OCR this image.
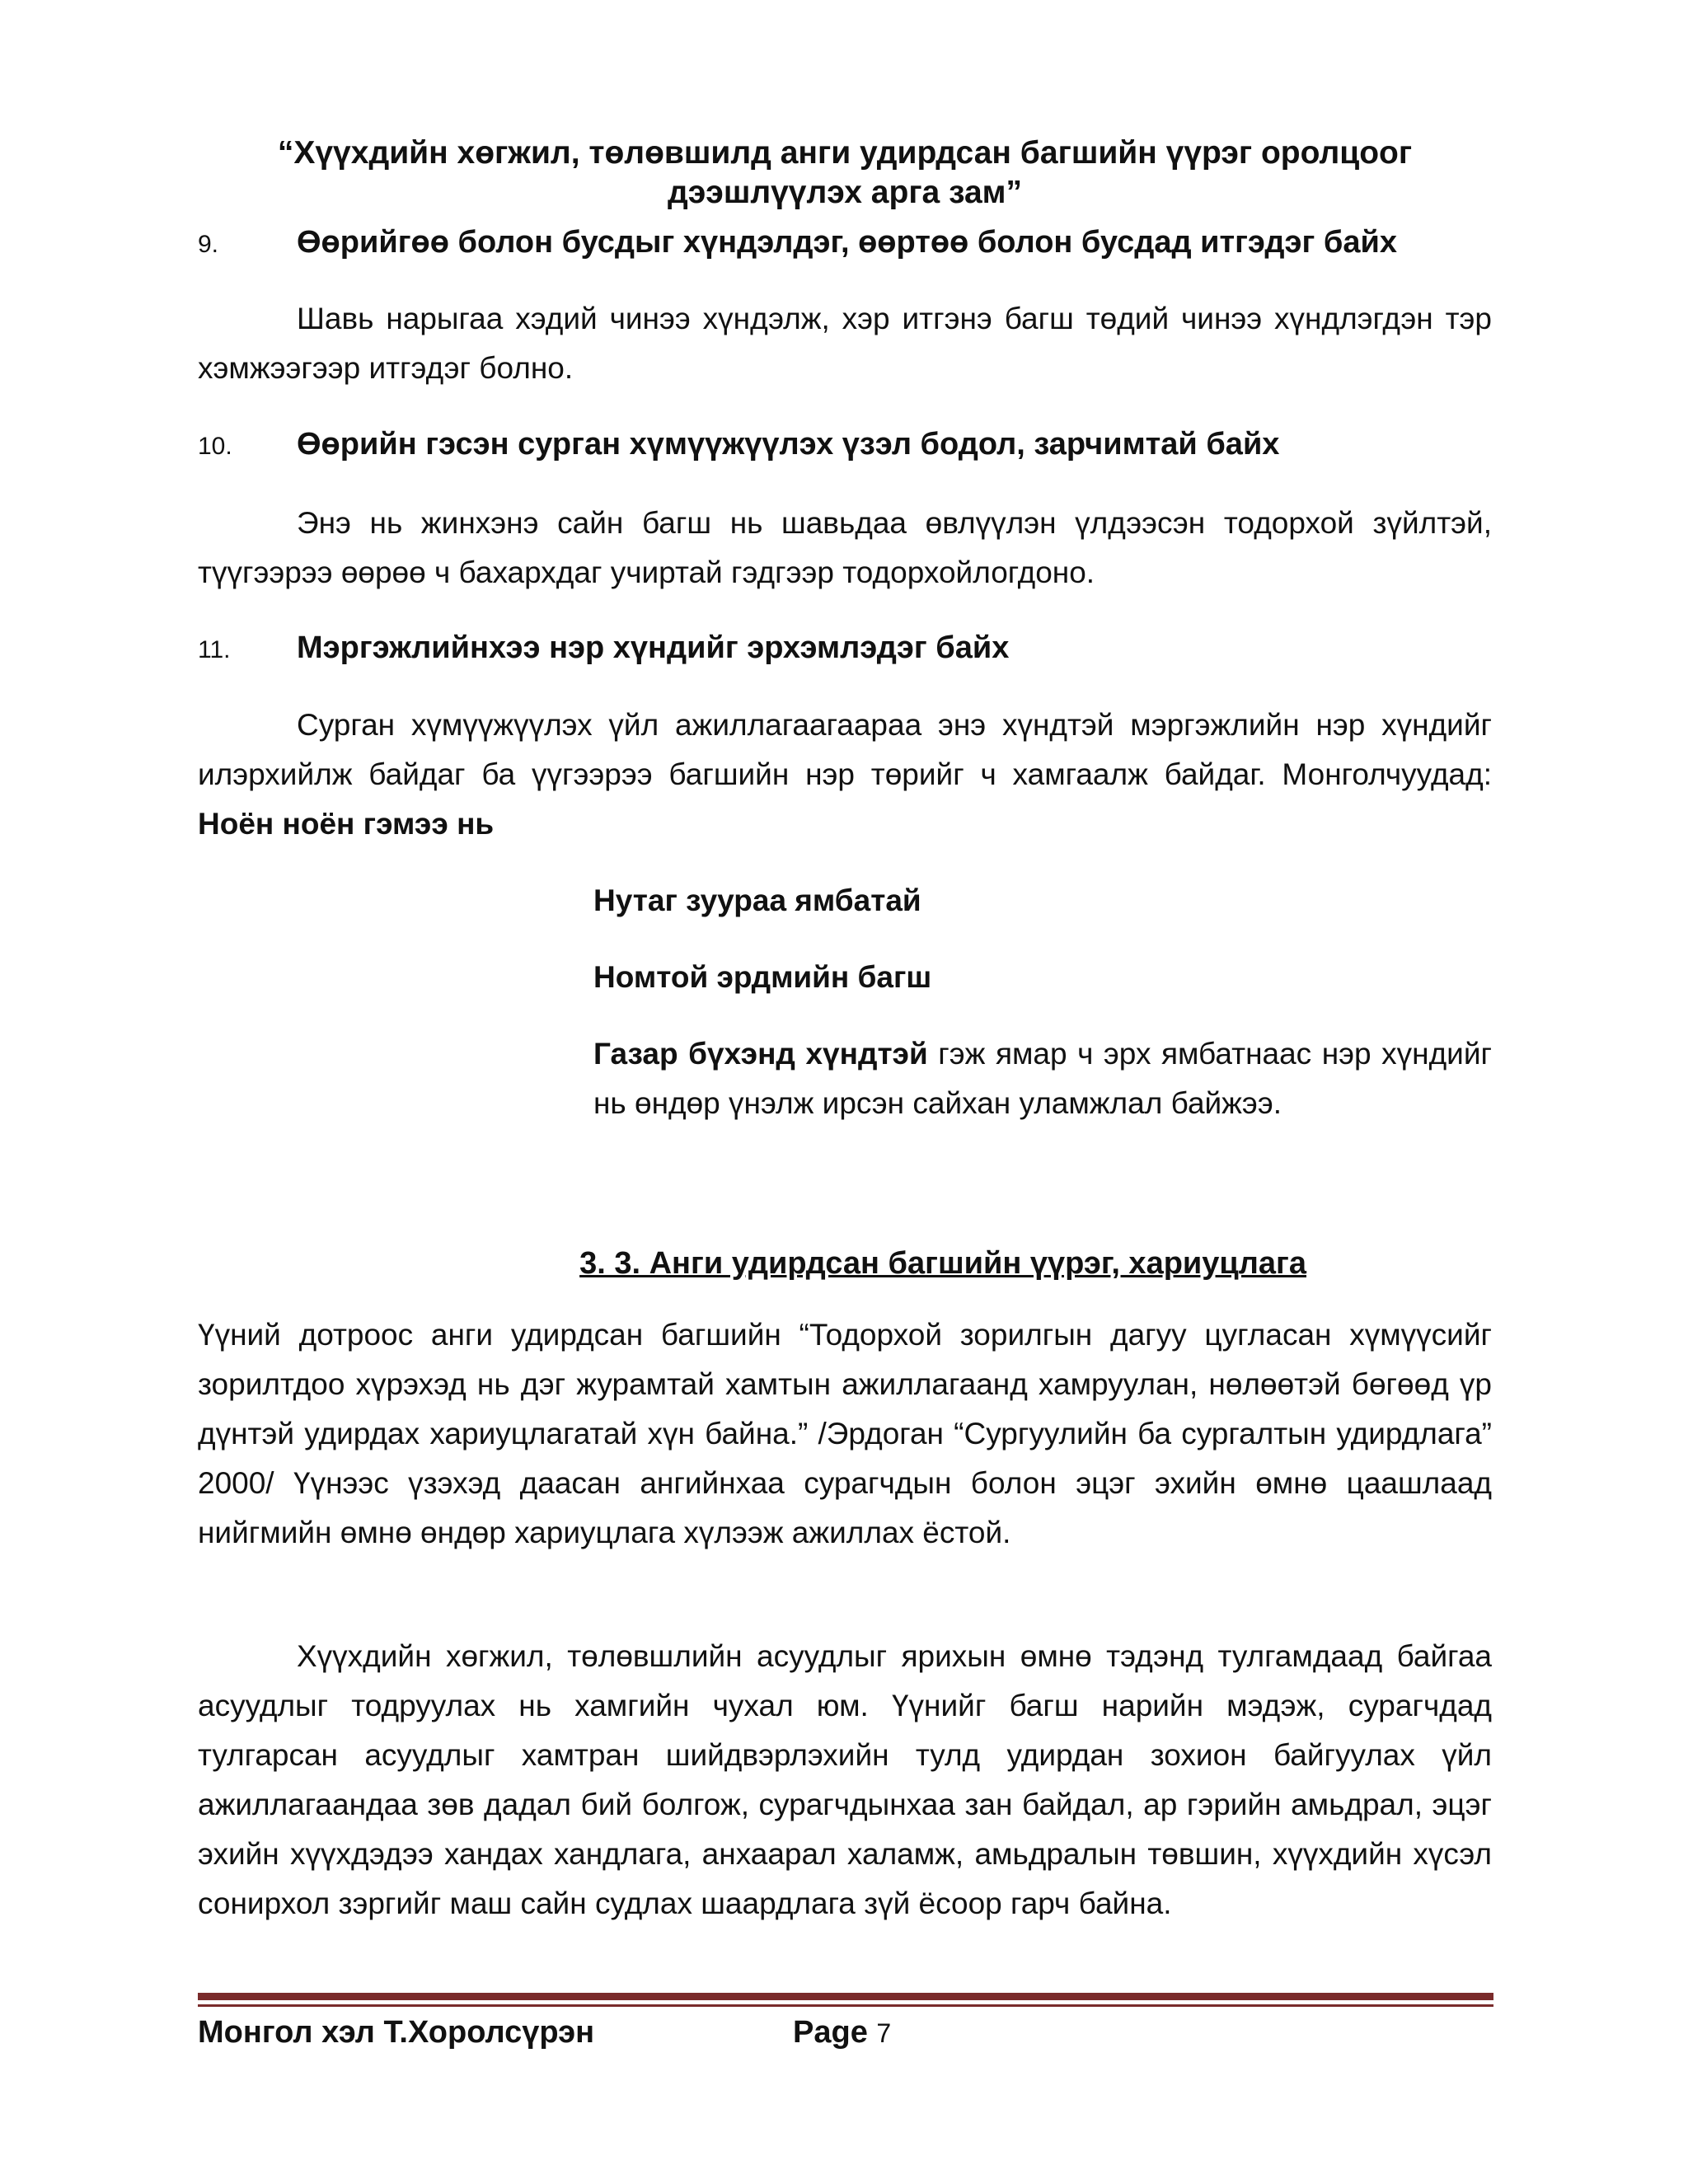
“Хүүхдийн хөгжил, төлөвшилд анги удирдсан багшийн үүрэг оролцоог
дээшлүүлэх арга зам”
9. Өөрийгөө болон бусдыг хүндэлдэг, өөртөө болон бусдад итгэдэг байх
Шавь нарыгаа хэдий чинээ хүндэлж, хэр итгэнэ багш төдий чинээ хүндлэгдэн тэр хэмжээгээр итгэдэг болно.
10. Өөрийн гэсэн сурган хүмүүжүүлэх үзэл бодол, зарчимтай байх
Энэ нь жинхэнэ сайн багш нь шавьдаа өвлүүлэн үлдээсэн тодорхой зүйлтэй, түүгээрээ өөрөө ч бахархдаг учиртай гэдгээр тодорхойлогдоно.
11. Мэргэжлийнхээ нэр хүндийг эрхэмлэдэг байх
Сурган хүмүүжүүлэх үйл ажиллагаагаараа энэ хүндтэй мэргэжлийн нэр хүндийг илэрхийлж байдаг ба үүгээрээ багшийн нэр төрийг ч хамгаалж байдаг. Монголчуудад: Ноён ноён гэмээ нь

Нутаг зуураа ямбатай

Номтой эрдмийн багш

Газар бүхэнд хүндтэй гэж ямар ч эрх ямбатнаас нэр хүндийг нь өндөр үнэлж ирсэн сайхан уламжлал байжээ.

3. 3. Анги удирдсан багшийн үүрэг, хариуцлага
Үүний дотроос анги удирдсан багшийн “Тодорхой зорилгын дагуу цугласан хүмүүсийг зорилтдоо хүрэхэд нь дэг журамтай хамтын ажиллагаанд хамруулан, нөлөөтэй бөгөөд үр дүнтэй удирдах хариуцлагатай хүн байна.” /Эрдоган “Сургуулийн ба сургалтын удирдлага” 2000/ Үүнээс үзэхэд даасан ангийнхаа сурагчдын болон эцэг эхийн өмнө цаашлаад нийгмийн өмнө өндөр хариуцлага хүлээж ажиллах ёстой.
Хүүхдийн хөгжил, төлөвшлийн асуудлыг ярихын өмнө тэдэнд тулгамдаад байгаа асуудлыг тодруулах нь хамгийн чухал юм. Үүнийг багш нарийн мэдэж, сурагчдад тулгарсан асуудлыг хамтран шийдвэрлэхийн тулд удирдан зохион байгуулах үйл ажиллагаандаа зөв дадал бий болгож, сурагчдынхаа зан байдал, ар гэрийн амьдрал, эцэг эхийн хүүхдэдээ хандах хандлага, анхаарал халамж, амьдралын төвшин, хүүхдийн хүсэл сонирхол зэргийг маш сайн судлах шаардлага зүй ёсоор гарч байна.
Монгол хэл Т.Хоролсүрэн	Page 7
